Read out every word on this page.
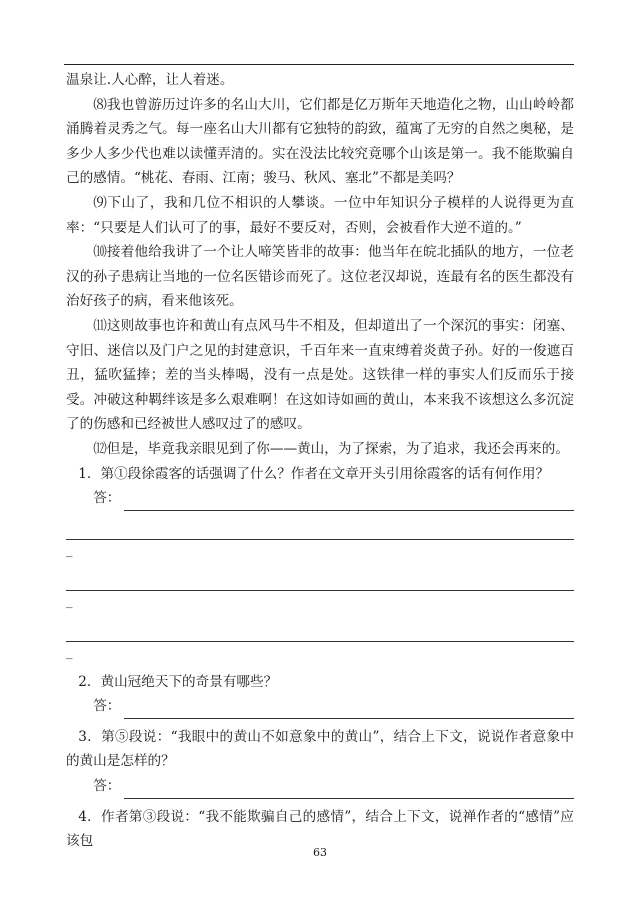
温泉让.人心醉，让人着迷。

⑻我也曾游历过许多的名山大川，它们都是亿万斯年天地造化之物，山山岭岭都涌腾着灵秀之气。每一座名山大川都有它独特的韵致，蕴寓了无穷的自然之奥秘，是多少人多少代也难以读懂弄清的。实在没法比较究竟哪个山该是第一。我不能欺骗自己的感情。“桃花、春雨、江南；骏马、秋风、塞北”不都是美吗？

⑼下山了，我和几位不相识的人攀谈。一位中年知识分子模样的人说得更为直率：“只要是人们认可了的事，最好不要反对，否则，会被看作大逆不道的。”

⑽接着他给我讲了一个让人啼笑皆非的故事：他当年在皖北插队的地方，一位老汉的孙子患病让当地的一位名医错诊而死了。这位老汉却说，连最有名的医生都没有治好孩子的病，看来他该死。

⑾这则故事也许和黄山有点风马牛不相及，但却道出了一个深沉的事实：闭塞、守旧、迷信以及门户之见的封建意识，千百年来一直束缚着炎黄子孙。好的一俊遮百丑，猛吹猛捧；差的当头棒喝，没有一点是处。这铁律一样的事实人们反而乐于接受。冲破这种羁绊该是多么艰难啊！在这如诗如画的黄山，本来我不该想这么多沉淀了的伤感和已经被世人感叹过了的感叹。

⑿但是，毕竟我亲眼见到了你——黄山，为了探索，为了追求，我还会再来的。

1．第①段徐霞客的话强调了什么？作者在文章开头引用徐霞客的话有何作用？

答：
_
_
_

2．黄山冠绝天下的奇景有哪些？

答：

3．第⑤段说：“我眼中的黄山不如意象中的黄山”，结合上下文，说说作者意象中的黄山是怎样的？

答：

4．作者第③段说：“我不能欺骗自己的感情”，结合上下文，说禅作者的“感情”应该包

63
